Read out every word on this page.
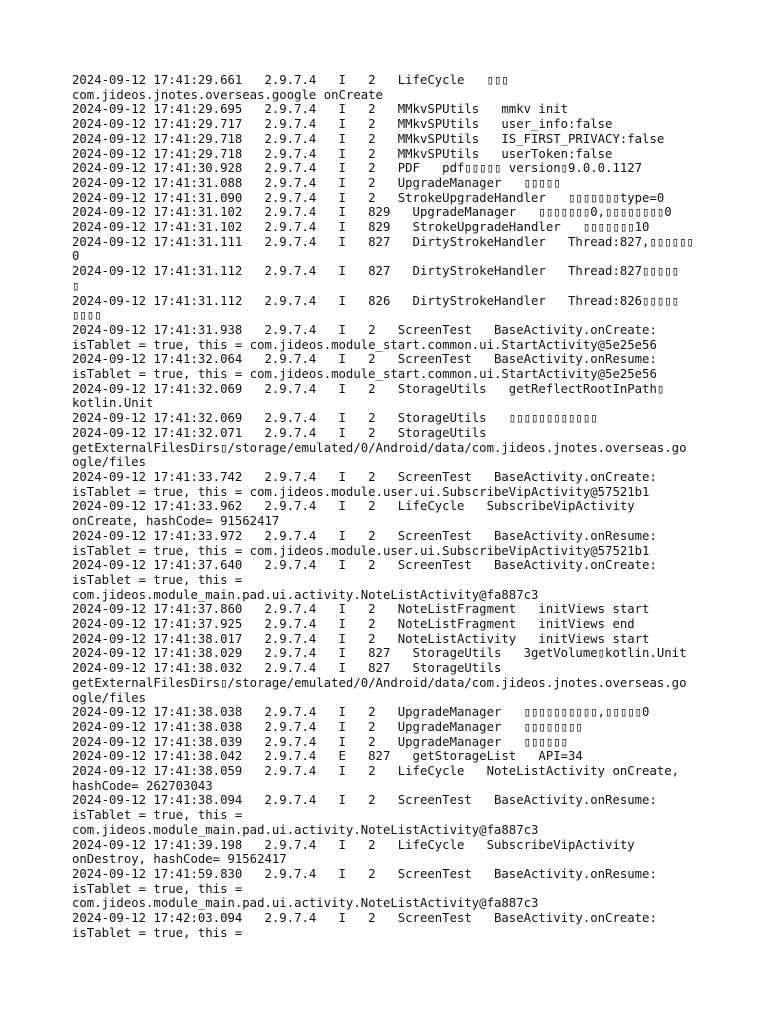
2024-09-12 17:41:29.661   2.9.7.4   I   2   LifeCycle   ▯▯▯
com.jideos.jnotes.overseas.google onCreate
2024-09-12 17:41:29.695   2.9.7.4   I   2   MMkvSPUtils   mmkv init
2024-09-12 17:41:29.717   2.9.7.4   I   2   MMkvSPUtils   user_info:false
2024-09-12 17:41:29.718   2.9.7.4   I   2   MMkvSPUtils   IS_FIRST_PRIVACY:false
2024-09-12 17:41:29.718   2.9.7.4   I   2   MMkvSPUtils   userToken:false
2024-09-12 17:41:30.928   2.9.7.4   I   2   PDF   pdf▯▯▯▯▯ version▯9.0.0.1127
2024-09-12 17:41:31.088   2.9.7.4   I   2   UpgradeManager   ▯▯▯▯▯
2024-09-12 17:41:31.090   2.9.7.4   I   2   StrokeUpgradeHandler   ▯▯▯▯▯▯▯type=0
2024-09-12 17:41:31.102   2.9.7.4   I   829   UpgradeManager   ▯▯▯▯▯▯▯0,▯▯▯▯▯▯▯▯0
2024-09-12 17:41:31.102   2.9.7.4   I   829   StrokeUpgradeHandler   ▯▯▯▯▯▯▯10
2024-09-12 17:41:31.111   2.9.7.4   I   827   DirtyStrokeHandler   Thread:827,▯▯▯▯▯▯
0
2024-09-12 17:41:31.112   2.9.7.4   I   827   DirtyStrokeHandler   Thread:827▯▯▯▯▯
▯
2024-09-12 17:41:31.112   2.9.7.4   I   826   DirtyStrokeHandler   Thread:826▯▯▯▯▯
▯▯▯▯
2024-09-12 17:41:31.938   2.9.7.4   I   2   ScreenTest   BaseActivity.onCreate:
isTablet = true, this = com.jideos.module_start.common.ui.StartActivity@5e25e56
2024-09-12 17:41:32.064   2.9.7.4   I   2   ScreenTest   BaseActivity.onResume:
isTablet = true, this = com.jideos.module_start.common.ui.StartActivity@5e25e56
2024-09-12 17:41:32.069   2.9.7.4   I   2   StorageUtils   getReflectRootInPath▯
kotlin.Unit
2024-09-12 17:41:32.069   2.9.7.4   I   2   StorageUtils   ▯▯▯▯▯▯▯▯▯▯▯▯
2024-09-12 17:41:32.071   2.9.7.4   I   2   StorageUtils
getExternalFilesDirs▯/storage/emulated/0/Android/data/com.jideos.jnotes.overseas.go
ogle/files
2024-09-12 17:41:33.742   2.9.7.4   I   2   ScreenTest   BaseActivity.onCreate:
isTablet = true, this = com.jideos.module.user.ui.SubscribeVipActivity@57521b1
2024-09-12 17:41:33.962   2.9.7.4   I   2   LifeCycle   SubscribeVipActivity
onCreate, hashCode= 91562417
2024-09-12 17:41:33.972   2.9.7.4   I   2   ScreenTest   BaseActivity.onResume:
isTablet = true, this = com.jideos.module.user.ui.SubscribeVipActivity@57521b1
2024-09-12 17:41:37.640   2.9.7.4   I   2   ScreenTest   BaseActivity.onCreate:
isTablet = true, this =
com.jideos.module_main.pad.ui.activity.NoteListActivity@fa887c3
2024-09-12 17:41:37.860   2.9.7.4   I   2   NoteListFragment   initViews start
2024-09-12 17:41:37.925   2.9.7.4   I   2   NoteListFragment   initViews end
2024-09-12 17:41:38.017   2.9.7.4   I   2   NoteListActivity   initViews start
2024-09-12 17:41:38.029   2.9.7.4   I   827   StorageUtils   3getVolume▯kotlin.Unit
2024-09-12 17:41:38.032   2.9.7.4   I   827   StorageUtils
getExternalFilesDirs▯/storage/emulated/0/Android/data/com.jideos.jnotes.overseas.go
ogle/files
2024-09-12 17:41:38.038   2.9.7.4   I   2   UpgradeManager   ▯▯▯▯▯▯▯▯▯▯,▯▯▯▯▯0
2024-09-12 17:41:38.038   2.9.7.4   I   2   UpgradeManager   ▯▯▯▯▯▯▯▯
2024-09-12 17:41:38.039   2.9.7.4   I   2   UpgradeManager   ▯▯▯▯▯▯
2024-09-12 17:41:38.042   2.9.7.4   E   827   getStorageList   API=34
2024-09-12 17:41:38.059   2.9.7.4   I   2   LifeCycle   NoteListActivity onCreate,
hashCode= 262703043
2024-09-12 17:41:38.094   2.9.7.4   I   2   ScreenTest   BaseActivity.onResume:
isTablet = true, this =
com.jideos.module_main.pad.ui.activity.NoteListActivity@fa887c3
2024-09-12 17:41:39.198   2.9.7.4   I   2   LifeCycle   SubscribeVipActivity
onDestroy, hashCode= 91562417
2024-09-12 17:41:59.830   2.9.7.4   I   2   ScreenTest   BaseActivity.onResume:
isTablet = true, this =
com.jideos.module_main.pad.ui.activity.NoteListActivity@fa887c3
2024-09-12 17:42:03.094   2.9.7.4   I   2   ScreenTest   BaseActivity.onCreate:
isTablet = true, this =
